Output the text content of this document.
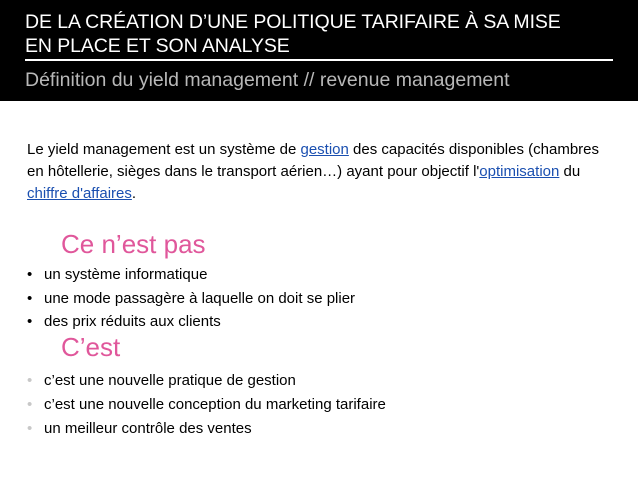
DE LA CRÉATION D’UNE POLITIQUE TARIFAIRE À SA MISE
EN PLACE ET SON ANALYSE
Définition du yield management // revenue management
Le yield management est un système de gestion des capacités disponibles (chambres en hôtellerie, sièges dans le transport aérien…) ayant pour objectif l'optimisation du chiffre d'affaires.
Ce n’est pas
• un système informatique
• une mode passagère à laquelle on doit se plier
• des prix réduits aux clients
C’est
• c’est une nouvelle pratique de gestion
• c’est une nouvelle conception du marketing tarifaire
• un meilleur contrôle des ventes
